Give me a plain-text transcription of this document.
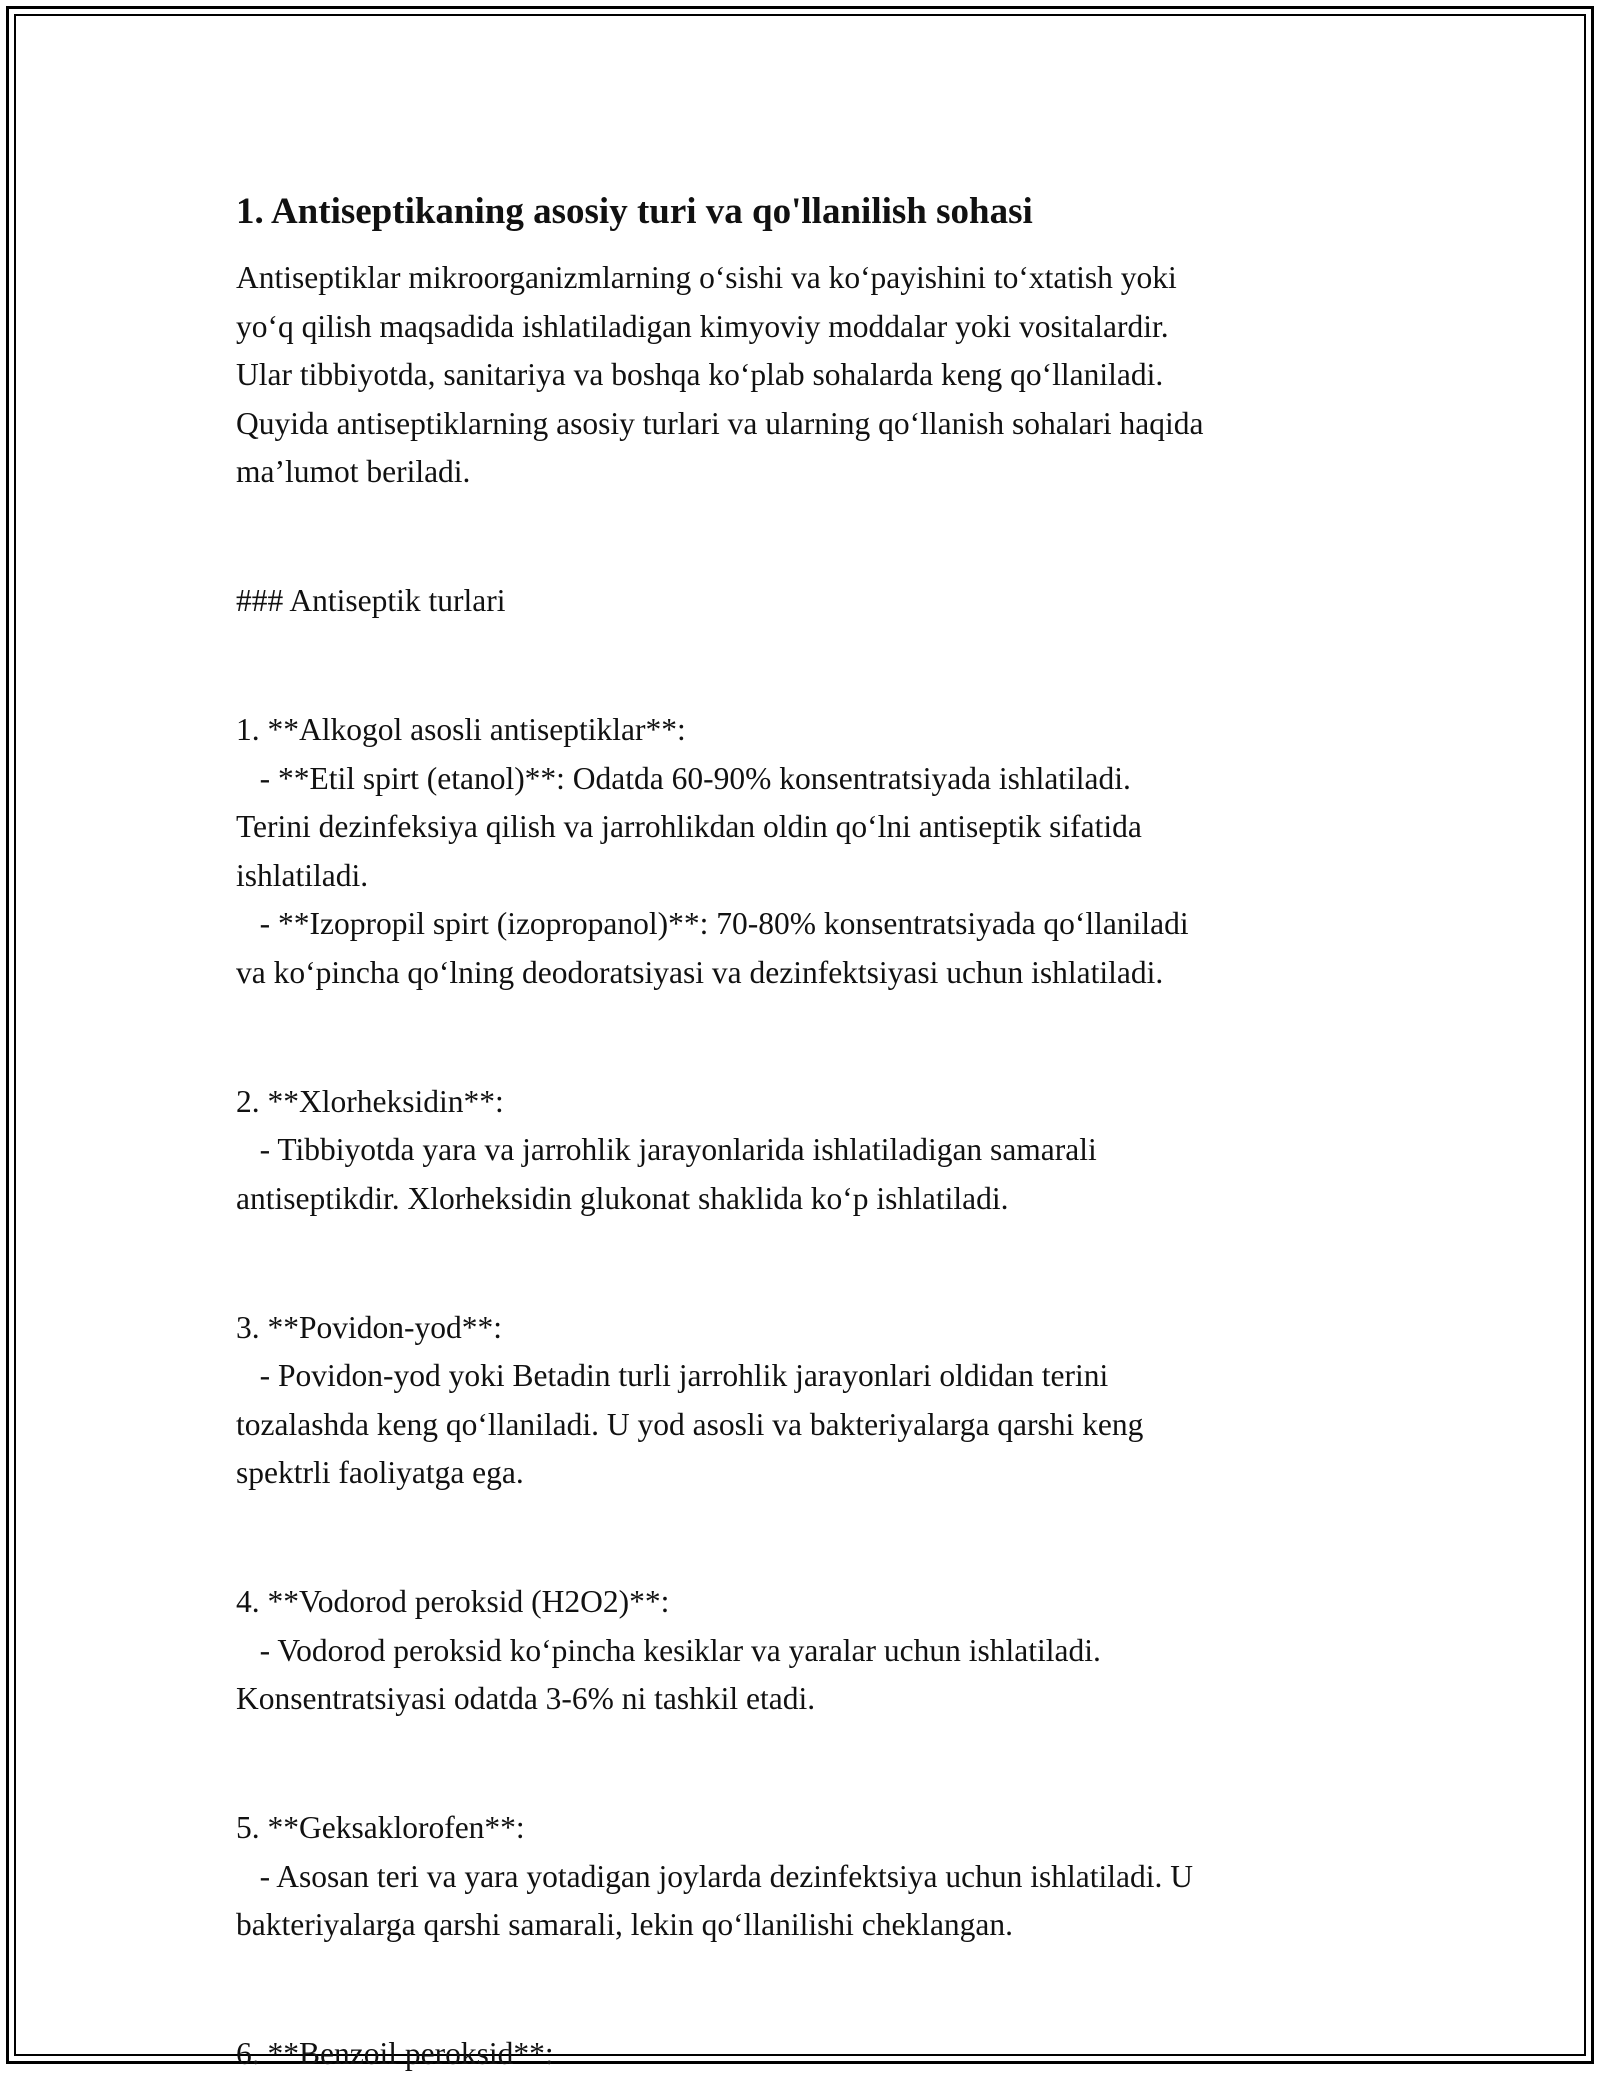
1. Antiseptikaning asosiy turi va qo'llanilish sohasi

Antiseptiklar mikroorganizmlarning oʻsishi va koʻpayishini toʻxtatish yoki

yoʻq qilish maqsadida ishlatiladigan kimyoviy moddalar yoki vositalardir.

Ular tibbiyotda, sanitariya va boshqa koʻplab sohalarda keng qoʻllaniladi.

Quyida antiseptiklarning asosiy turlari va ularning qoʻllanish sohalari haqida

maʼlumot beriladi.

### Antiseptik turlari

1. **Alkogol asosli antiseptiklar**:

- **Etil spirt (etanol)**: Odatda 60-90% konsentratsiyada ishlatiladi.

Terini dezinfeksiya qilish va jarrohlikdan oldin qoʻlni antiseptik sifatida

ishlatiladi.

- **Izopropil spirt (izopropanol)**: 70-80% konsentratsiyada qoʻllaniladi

va koʻpincha qoʻlning deodoratsiyasi va dezinfektsiyasi uchun ishlatiladi.

2. **Xlorheksidin**:

- Tibbiyotda yara va jarrohlik jarayonlarida ishlatiladigan samarali

antiseptikdir. Xlorheksidin glukonat shaklida koʻp ishlatiladi.

3. **Povidon-yod**:

- Povidon-yod yoki Betadin turli jarrohlik jarayonlari oldidan terini

tozalashda keng qoʻllaniladi. U yod asosli va bakteriyalarga qarshi keng

spektrli faoliyatga ega.

4. **Vodorod peroksid (H2O2)**:

- Vodorod peroksid koʻpincha kesiklar va yaralar uchun ishlatiladi.

Konsentratsiyasi odatda 3-6% ni tashkil etadi.

5. **Geksaklorofen**:

- Asosan teri va yara yotadigan joylarda dezinfektsiya uchun ishlatiladi. U

bakteriyalarga qarshi samarali, lekin qoʻllanilishi cheklangan.

6. **Benzoil peroksid**:
